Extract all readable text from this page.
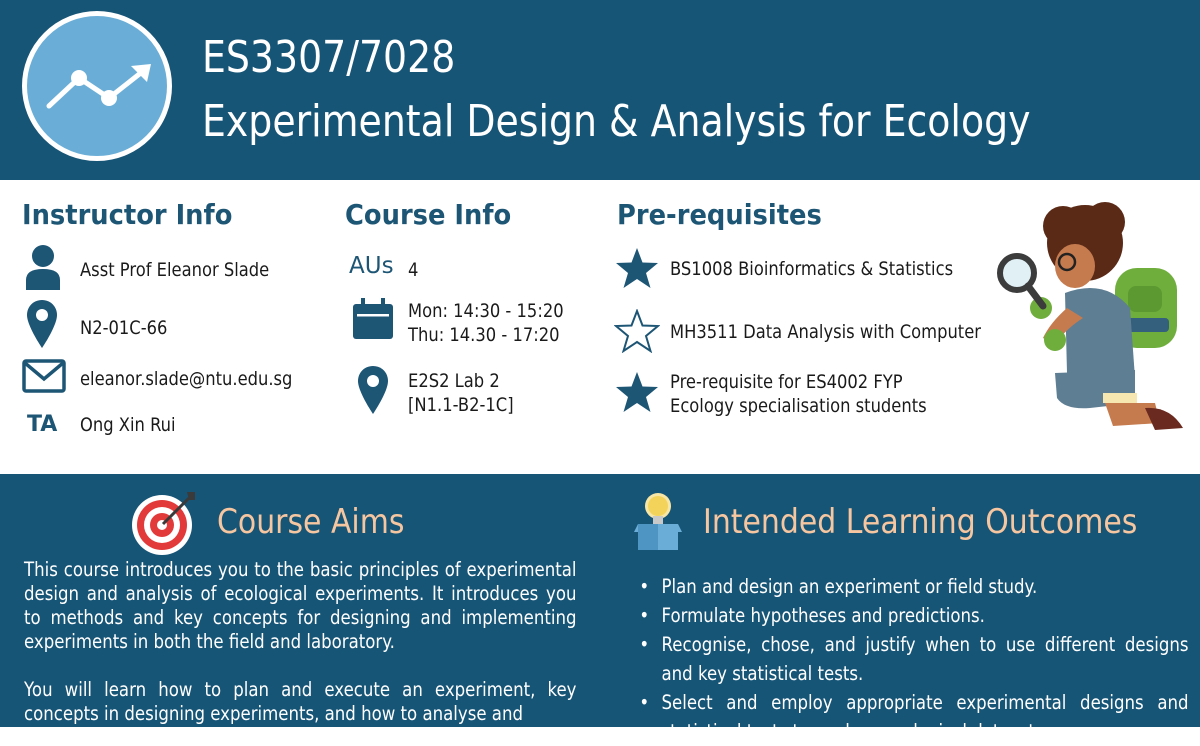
ES3307/7028
Experimental Design & Analysis for Ecology
Instructor Info
Asst Prof Eleanor Slade
N2-01C-66
eleanor.slade@ntu.edu.sg
TA Ong Xin Rui
Course Info
AUs 4
Mon: 14:30 - 15:20
Thu: 14.30 - 17:20
E2S2 Lab 2
[N1.1-B2-1C]
Pre-requisites
BS1008 Bioinformatics & Statistics
MH3511 Data Analysis with Computer
Pre-requisite for ES4002 FYP
Ecology specialisation students
Course Aims

This course introduces you to the basic principles of experimental design and analysis of ecological experiments. It introduces you to methods and key concepts for designing and implementing experiments in both the field and laboratory.

You will learn how to plan and execute an experiment, key concepts in designing experiments, and how to analyse and

Intended Learning Outcomes
• Plan and design an experiment or field study.
• Formulate hypotheses and predictions.
• Recognise, chose, and justify when to use different designs and key statistical tests.
• Select and employ appropriate experimental designs and statistical tests to analyse ecological datasets.
